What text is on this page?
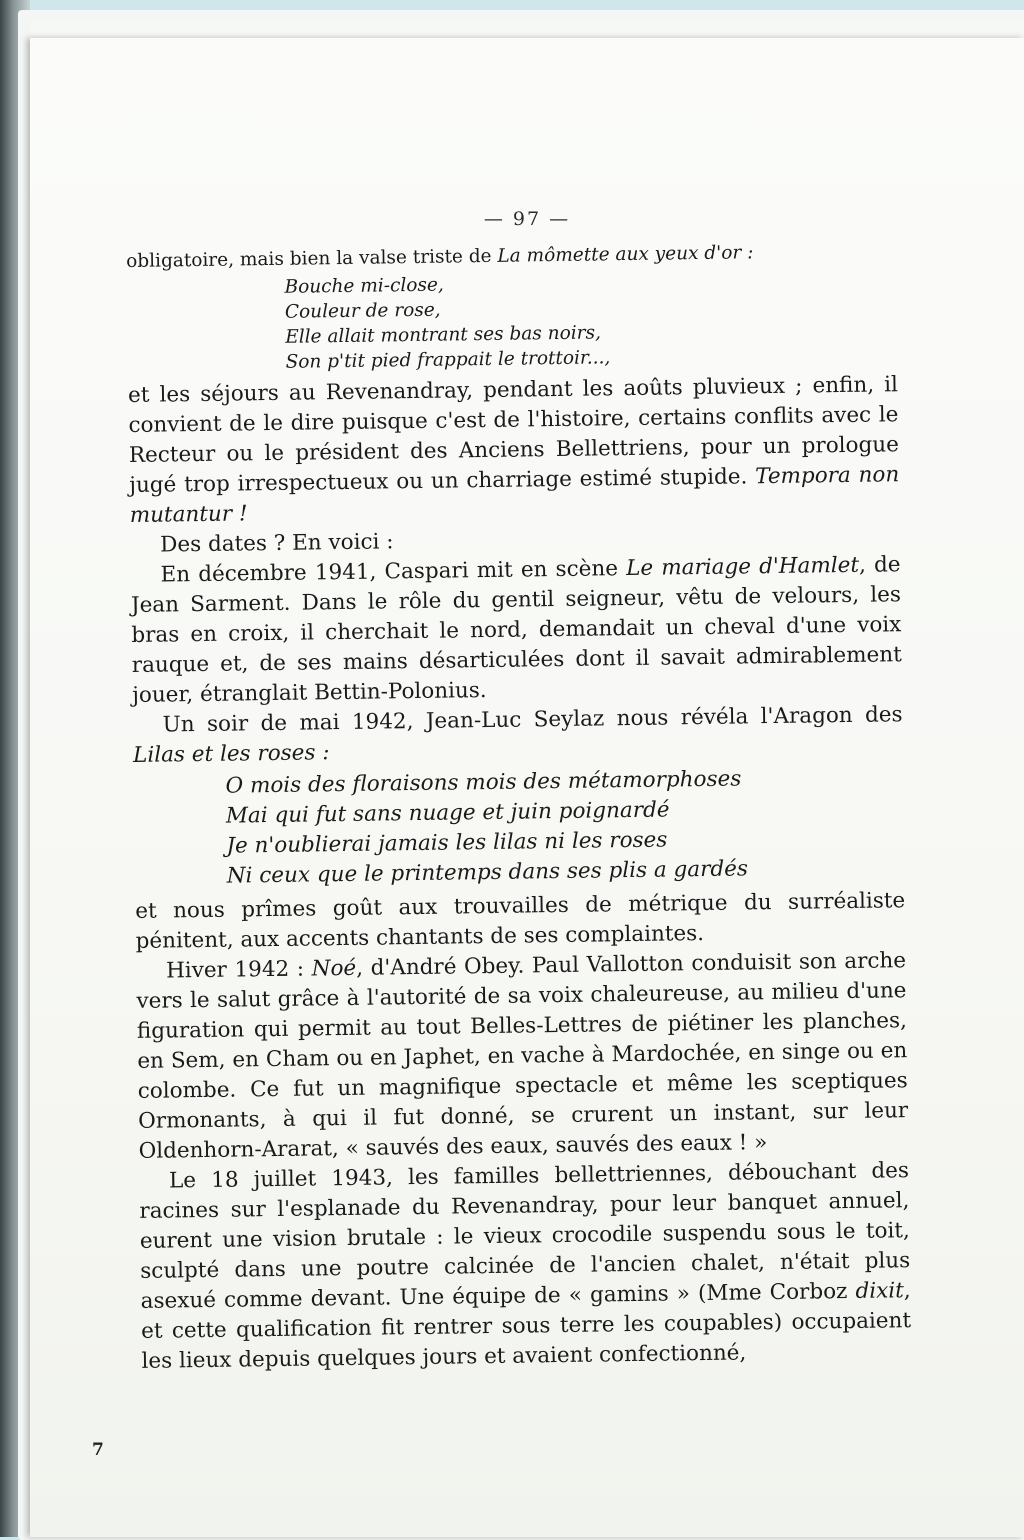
— 97 —

obligatoire, mais bien la valse triste de La mômette aux yeux d'or :

Bouche mi-close,
Couleur de rose,
Elle allait montrant ses bas noirs,
Son p'tit pied frappait le trottoir...,

et les séjours au Revenandray, pendant les aoûts pluvieux ; enfin, il convient de le dire puisque c'est de l'histoire, certains conflits avec le Recteur ou le président des Anciens Bellettriens, pour un prologue jugé trop irrespectueux ou un charriage estimé stupide. Tempora non mutantur !

Des dates ? En voici :

En décembre 1941, Caspari mit en scène Le mariage d'Hamlet, de Jean Sarment. Dans le rôle du gentil seigneur, vêtu de velours, les bras en croix, il cherchait le nord, demandait un cheval d'une voix rauque et, de ses mains désarticulées dont il savait admirablement jouer, étranglait Bettin-Polonius.

Un soir de mai 1942, Jean-Luc Seylaz nous révéla l'Aragon des Lilas et les roses :

O mois des floraisons mois des métamorphoses
Mai qui fut sans nuage et juin poignardé
Je n'oublierai jamais les lilas ni les roses
Ni ceux que le printemps dans ses plis a gardés

et nous prîmes goût aux trouvailles de métrique du surréaliste pénitent, aux accents chantants de ses complaintes.

Hiver 1942 : Noé, d'André Obey. Paul Vallotton conduisit son arche vers le salut grâce à l'autorité de sa voix chaleureuse, au milieu d'une figuration qui permit au tout Belles-Lettres de piétiner les planches, en Sem, en Cham ou en Japhet, en vache à Mardochée, en singe ou en colombe. Ce fut un magnifique spectacle et même les sceptiques Ormonants, à qui il fut donné, se crurent un instant, sur leur Oldenhorn-Ararat, « sauvés des eaux, sauvés des eaux ! »

Le 18 juillet 1943, les familles bellettriennes, débouchant des racines sur l'esplanade du Revenandray, pour leur banquet annuel, eurent une vision brutale : le vieux crocodile suspendu sous le toit, sculpté dans une poutre calcinée de l'ancien chalet, n'était plus asexué comme devant. Une équipe de « gamins » (Mme Corboz dixit, et cette qualification fit rentrer sous terre les coupables) occupaient les lieux depuis quelques jours et avaient confectionné,

7
